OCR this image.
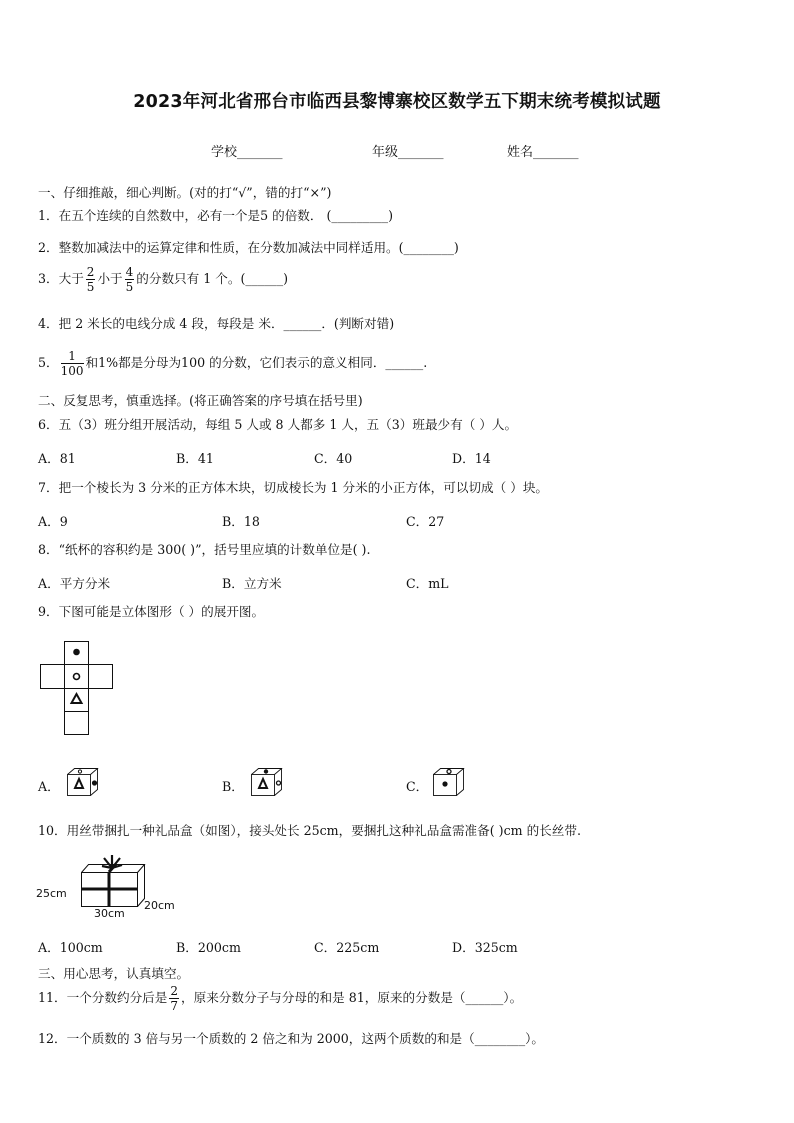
2023年河北省邢台市临西县黎博寨校区数学五下期末统考模拟试题
学校_______	年级_______	姓名_______
一、仔细推敲，细心判断。(对的打“√”，错的打“×”)
1．在五个连续的自然数中，必有一个是5 的倍数． (_________)
2．整数加减法中的运算定律和性质，在分数加减法中同样适用。(________)
3．大于 $\frac{2}{5}$ 小于 $\frac{4}{5}$ 的分数只有 1 个。(______)
4．把 2 米长的电线分成 4 段，每段是 米．______．(判断对错)
5． $\frac{1}{100}$ 和1%都是分母为100 的分数，它们表示的意义相同．______.
二、反复思考，慎重选择。(将正确答案的序号填在括号里)
6．五（3）班分组开展活动，每组 5 人或 8 人都多 1 人，五（3）班最少有（ ）人。
A．81	B．41	C．40	D．14
7．把一个棱长为 3 分米的正方体木块，切成棱长为 1 分米的小正方体，可以切成（ ）块。
A．9	B．18	C．27
8．“纸杯的容积约是 300( )”，括号里应填的计数单位是( ).
A．平方分米	B．立方米	C．mL
9．下图可能是立体图形（ ）的展开图。
A．	B．	C．
10．用丝带捆扎一种礼品盒（如图），接头处长 25cm，要捆扎这种礼品盒需准备( )cm 的长丝带.
25cm
30cm
20cm
A．100cm	B．200cm	C．225cm	D．325cm
三、用心思考，认真填空。
11．一个分数约分后是 $\frac{2}{7}$ ，原来分数分子与分母的和是 81，原来的分数是（______）。
12．一个质数的 3 倍与另一个质数的 2 倍之和为 2000，这两个质数的和是（________）。
